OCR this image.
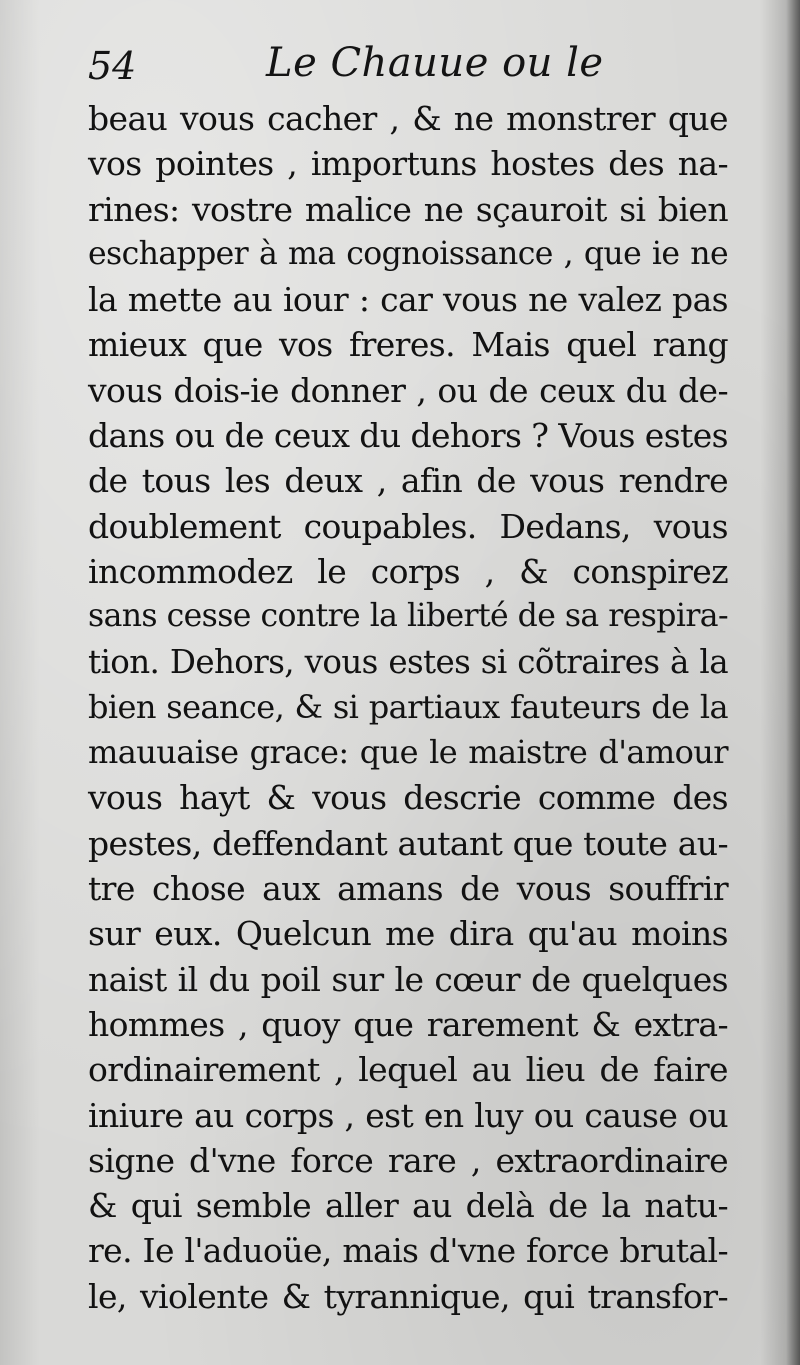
54	Le Chauue ou le
beau vous cacher , & ne monstrer que
vos pointes , importuns hostes des na-
rines: vostre malice ne sçauroit si bien
eschapper à ma cognoissance , que ie ne
la mette au iour : car vous ne valez pas
mieux que vos freres. Mais quel rang
vous dois-ie donner , ou de ceux du de-
dans ou de ceux du dehors ? Vous estes
de tous les deux , afin de vous rendre
doublement coupables. Dedans, vous
incommodez le corps , & conspirez
sans cesse contre la liberté de sa respira-
tion. Dehors, vous estes si cõtraires à la
bien seance, & si partiaux fauteurs de la
mauuaise grace: que le maistre d'amour
vous hayt & vous descrie comme des
pestes, deffendant autant que toute au-
tre chose aux amans de vous souffrir
sur eux. Quelcun me dira qu'au moins
naist il du poil sur le cœur de quelques
hommes , quoy que rarement & extra-
ordinairement , lequel au lieu de faire
iniure au corps , est en luy ou cause ou
signe d'vne force rare , extraordinaire
& qui semble aller au delà de la natu-
re. Ie l'aduoüe, mais d'vne force brutal-
le, violente & tyrannique, qui transfor-
